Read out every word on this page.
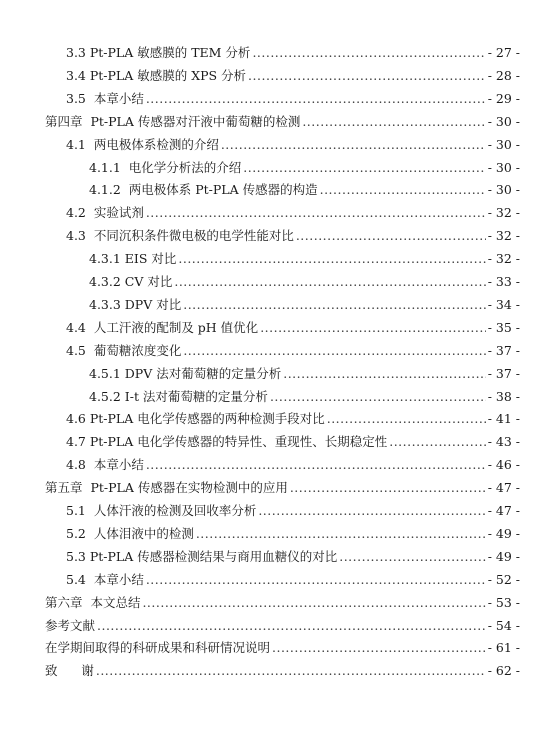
3.3 Pt-PLA 敏感膜的 TEM 分析 .....	- 27 -
3.4 Pt-PLA 敏感膜的 XPS 分析 .....	- 28 -
3.5  本章小结 .....	- 29 -
第四章  Pt-PLA 传感器对汗液中葡萄糖的检测 .....	- 30 -
4.1  两电极体系检测的介绍 .....	- 30 -
4.1.1  电化学分析法的介绍 .....	- 30 -
4.1.2  两电极体系 Pt-PLA 传感器的构造 .....	- 30 -
4.2  实验试剂 .....	- 32 -
4.3  不同沉积条件微电极的电学性能对比 .....	- 32 -
4.3.1 EIS 对比 .....	- 32 -
4.3.2 CV 对比 .....	- 33 -
4.3.3 DPV 对比 .....	- 34 -
4.4  人工汗液的配制及 pH 值优化 .....	- 35 -
4.5  葡萄糖浓度变化 .....	- 37 -
4.5.1 DPV 法对葡萄糖的定量分析 .....	- 37 -
4.5.2 I-t 法对葡萄糖的定量分析 .....	- 38 -
4.6 Pt-PLA 电化学传感器的两种检测手段对比 .....	- 41 -
4.7 Pt-PLA 电化学传感器的特异性、重现性、长期稳定性 .....	- 43 -
4.8  本章小结 .....	- 46 -
第五章  Pt-PLA 传感器在实物检测中的应用 .....	- 47 -
5.1  人体汗液的检测及回收率分析 .....	- 47 -
5.2  人体泪液中的检测 .....	- 49 -
5.3 Pt-PLA 传感器检测结果与商用血糖仪的对比 .....	- 49 -
5.4  本章小结 .....	- 52 -
第六章  本文总结 .....	- 53 -
参考文献 .....	- 54 -
在学期间取得的科研成果和科研情况说明 .....	- 61 -
致      谢 .....	- 62 -
